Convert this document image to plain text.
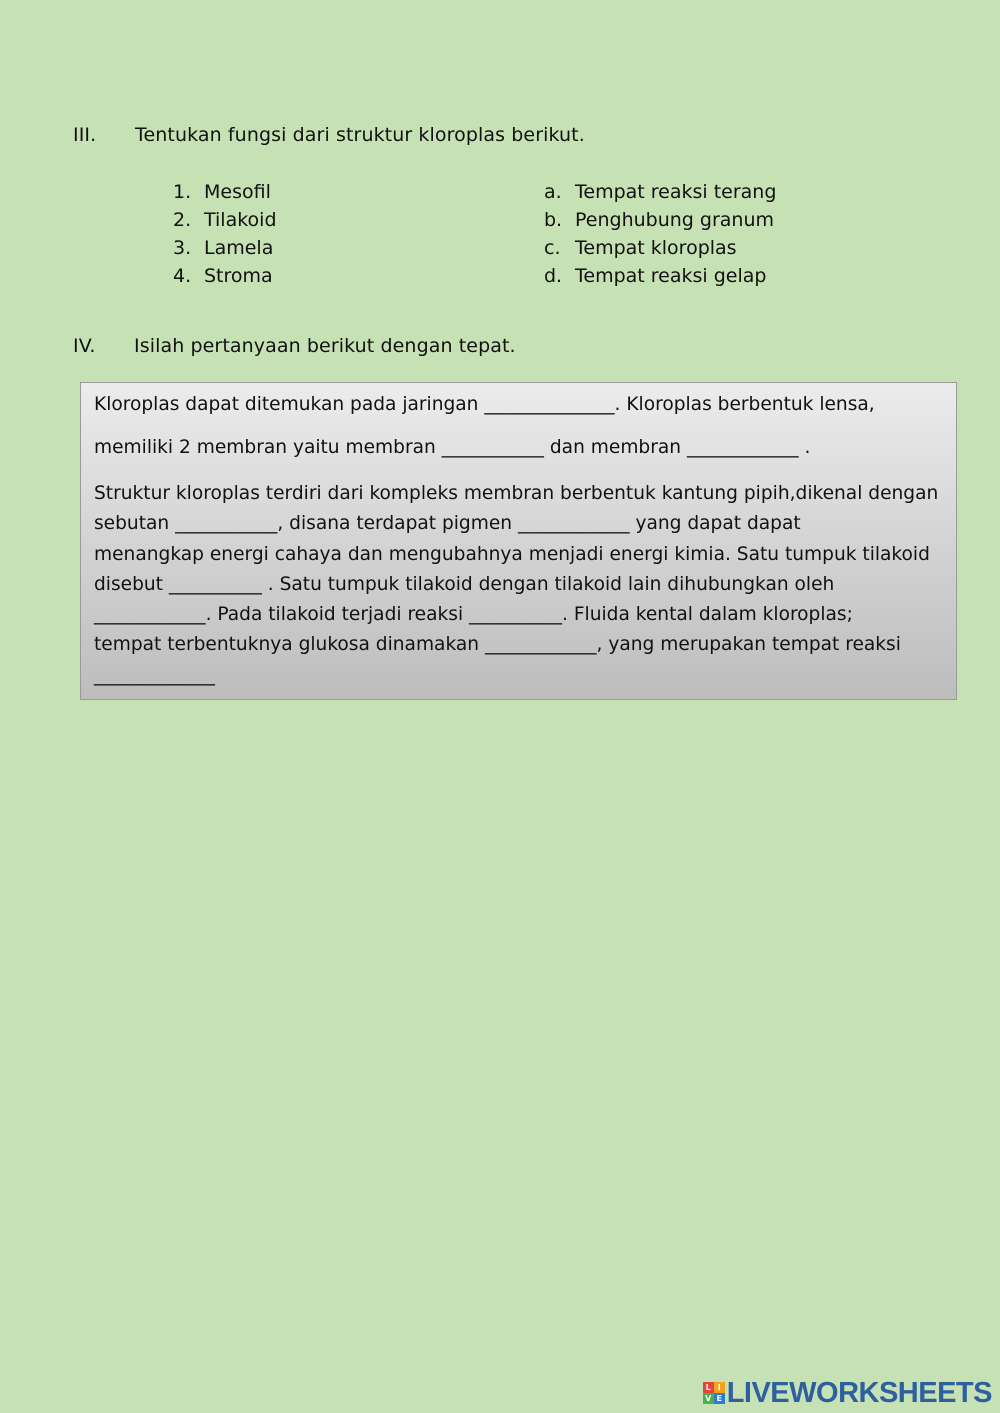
III. Tentukan fungsi dari struktur kloroplas berikut.
1. Mesofil
2. Tilakoid
3. Lamela
4. Stroma
a. Tempat reaksi terang
b. Penghubung granum
c. Tempat kloroplas
d. Tempat reaksi gelap
IV. Isilah pertanyaan berikut dengan tepat.

Kloroplas dapat ditemukan pada jaringan ______________. Kloroplas berbentuk lensa,

memiliki 2 membran yaitu membran ___________ dan membran ____________ .

Struktur kloroplas terdiri dari kompleks membran berbentuk kantung pipih,dikenal dengan
sebutan ___________, disana terdapat pigmen ____________ yang dapat dapat
menangkap energi cahaya dan mengubahnya menjadi energi kimia. Satu tumpuk tilakoid
disebut __________ . Satu tumpuk tilakoid dengan tilakoid lain dihubungkan oleh
____________. Pada tilakoid terjadi reaksi __________. Fluida kental dalam kloroplas;
tempat terbentuknya glukosa dinamakan ____________, yang merupakan tempat reaksi
_____________

L I
V E LIVEWORKSHEETS
